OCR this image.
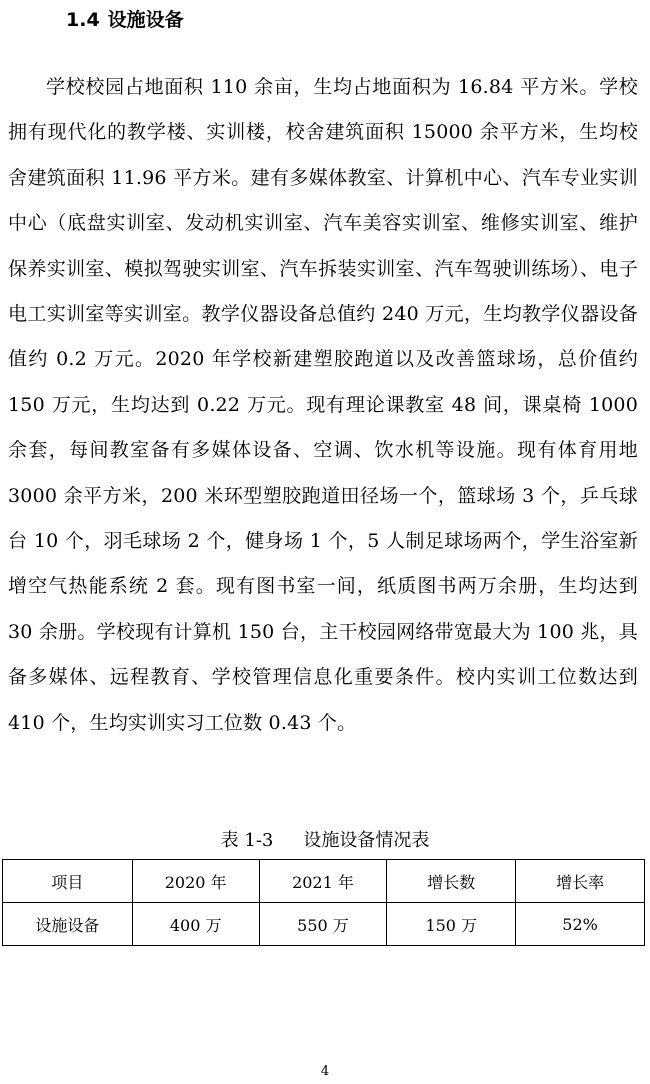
1.4 设施设备

学校校园占地面积 110 余亩，生均占地面积为 16.84 平方米。学校拥有现代化的教学楼、实训楼，校舍建筑面积 15000 余平方米，生均校舍建筑面积 11.96 平方米。建有多媒体教室、计算机中心、汽车专业实训中心（底盘实训室、发动机实训室、汽车美容实训室、维修实训室、维护保养实训室、模拟驾驶实训室、汽车拆装实训室、汽车驾驶训练场）、电子电工实训室等实训室。教学仪器设备总值约 240 万元，生均教学仪器设备值约 0.2 万元。2020 年学校新建塑胶跑道以及改善篮球场，总价值约 150 万元，生均达到 0.22 万元。现有理论课教室 48 间，课桌椅 1000 余套，每间教室备有多媒体设备、空调、饮水机等设施。现有体育用地 3000 余平方米，200 米环型塑胶跑道田径场一个，篮球场 3 个，乒乓球台 10 个，羽毛球场 2 个，健身场 1 个，5 人制足球场两个，学生浴室新增空气热能系统 2 套。现有图书室一间，纸质图书两万余册，生均达到 30 余册。学校现有计算机 150 台，主干校园网络带宽最大为 100 兆，具备多媒体、远程教育、学校管理信息化重要条件。校内实训工位数达到 410 个，生均实训实习工位数 0.43 个。

表 1-3 设施设备情况表

项目	2020 年	2021 年	增长数	增长率
设施设备	400 万	550 万	150 万	52%

4
